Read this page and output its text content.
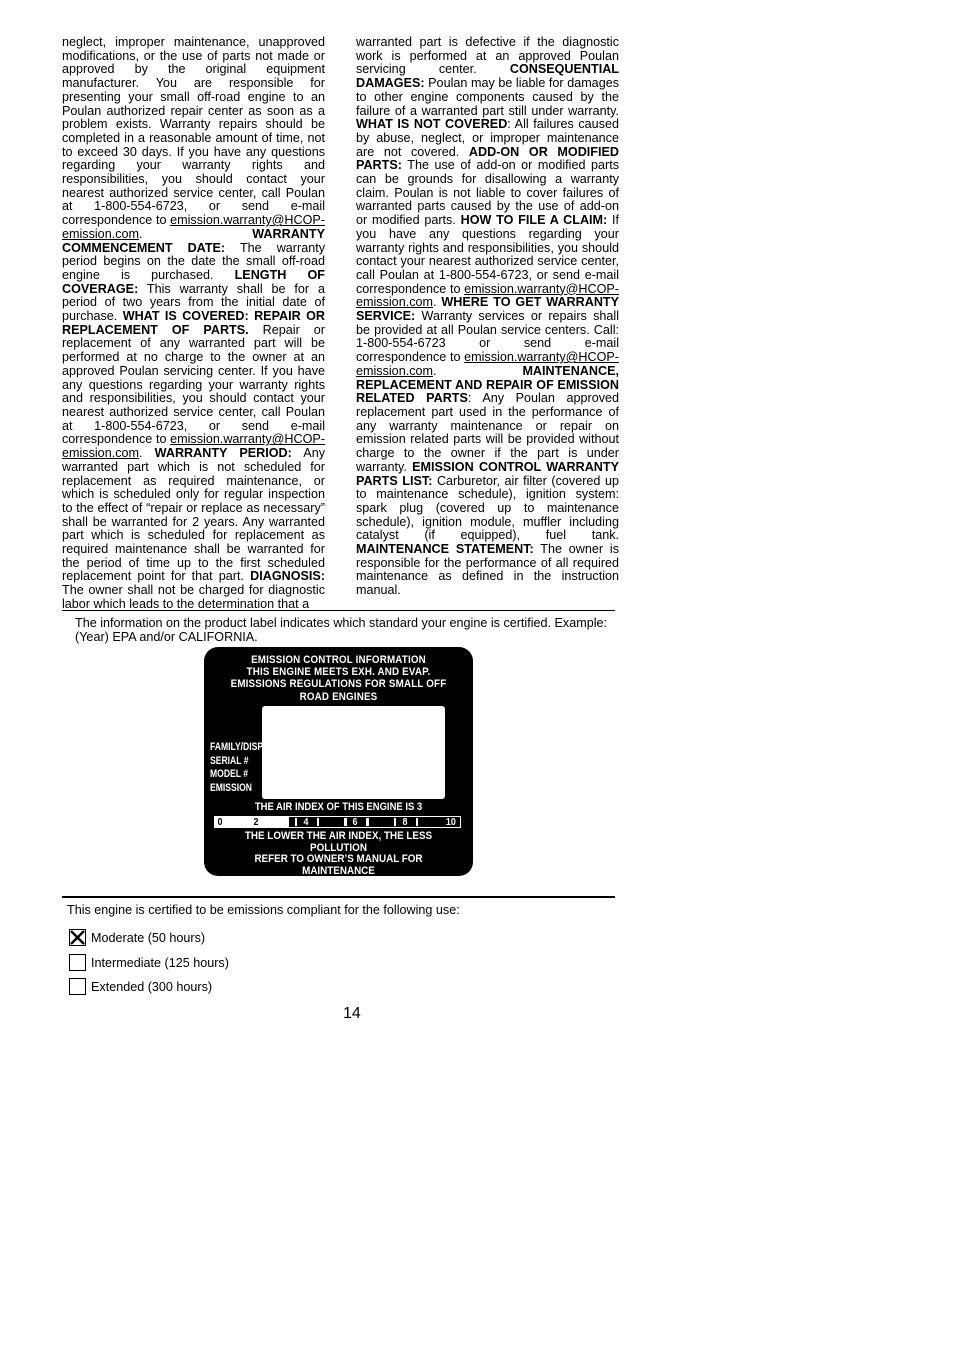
neglect, improper maintenance, unapproved modifications, or the use of parts not made or approved by the original equipment manufacturer. You are responsible for presenting your small off-road engine to an Poulan authorized repair center as soon as a problem exists. Warranty repairs should be completed in a reasonable amount of time, not to exceed 30 days. If you have any questions regarding your warranty rights and responsibilities, you should contact your nearest authorized service center, call Poulan at 1-800-554-6723, or send e-mail correspondence to emission.warranty@HCOP-emission.com. WARRANTY COMMENCEMENT DATE: The warranty period begins on the date the small off-road engine is purchased. LENGTH OF COVERAGE: This warranty shall be for a period of two years from the initial date of purchase. WHAT IS COVERED: REPAIR OR REPLACEMENT OF PARTS. Repair or replacement of any warranted part will be performed at no charge to the owner at an approved Poulan servicing center. If you have any questions regarding your warranty rights and responsibilities, you should contact your nearest authorized service center, call Poulan at 1-800-554-6723, or send e-mail correspondence to emission.warranty@HCOP-emission.com. WARRANTY PERIOD: Any warranted part which is not scheduled for replacement as required maintenance, or which is scheduled only for regular inspection to the effect of “repair or replace as necessary” shall be warranted for 2 years. Any warranted part which is scheduled for replacement as required maintenance shall be warranted for the period of time up to the first scheduled replacement point for that part. DIAGNOSIS: The owner shall not be charged for diagnostic labor which leads to the determination that a
warranted part is defective if the diagnostic work is performed at an approved Poulan servicing center. CONSEQUENTIAL DAMAGES: Poulan may be liable for damages to other engine components caused by the failure of a warranted part still under warranty. WHAT IS NOT COVERED: All failures caused by abuse, neglect, or improper maintenance are not covered. ADD-ON OR MODIFIED PARTS: The use of add-on or modified parts can be grounds for disallowing a warranty claim. Poulan is not liable to cover failures of warranted parts caused by the use of add-on or modified parts. HOW TO FILE A CLAIM: If you have any questions regarding your warranty rights and responsibilities, you should contact your nearest authorized service center, call Poulan at 1-800-554-6723, or send e-mail correspondence to emission.warranty@HCOP-emission.com. WHERE TO GET WARRANTY SERVICE: Warranty services or repairs shall be provided at all Poulan service centers. Call: 1-800-554-6723 or send e-mail correspondence to emission.warranty@HCOP-emission.com. MAINTENANCE, REPLACEMENT AND REPAIR OF EMISSION RELATED PARTS: Any Poulan approved replacement part used in the performance of any warranty maintenance or repair on emission related parts will be provided without charge to the owner if the part is under warranty. EMISSION CONTROL WARRANTY PARTS LIST: Carburetor, air filter (covered up to maintenance schedule), ignition system: spark plug (covered up to maintenance schedule), ignition module, muffler including catalyst (if equipped), fuel tank. MAINTENANCE STATEMENT: The owner is responsible for the performance of all required maintenance as defined in the instruction manual.
The information on the product label indicates which standard your engine is certified. Example: (Year) EPA and/or CALIFORNIA.
EMISSION CONTROL INFORMATION
THIS ENGINE MEETS EXH. AND EVAP.
EMISSIONS REGULATIONS FOR SMALL OFF
ROAD ENGINES
FAMILY/DISP.
SERIAL #
MODEL #
EMISSION
THE AIR INDEX OF THIS ENGINE IS 3
0	2	4	6	8	10
THE LOWER THE AIR INDEX, THE LESS POLLUTION
REFER TO OWNER’S MANUAL FOR MAINTENANCE
SPECIFICATIONS AND ADJUSTMENTS.
This engine is certified to be emissions compliant for the following use:
Moderate (50 hours)
Intermediate (125 hours)
Extended (300 hours)
14
